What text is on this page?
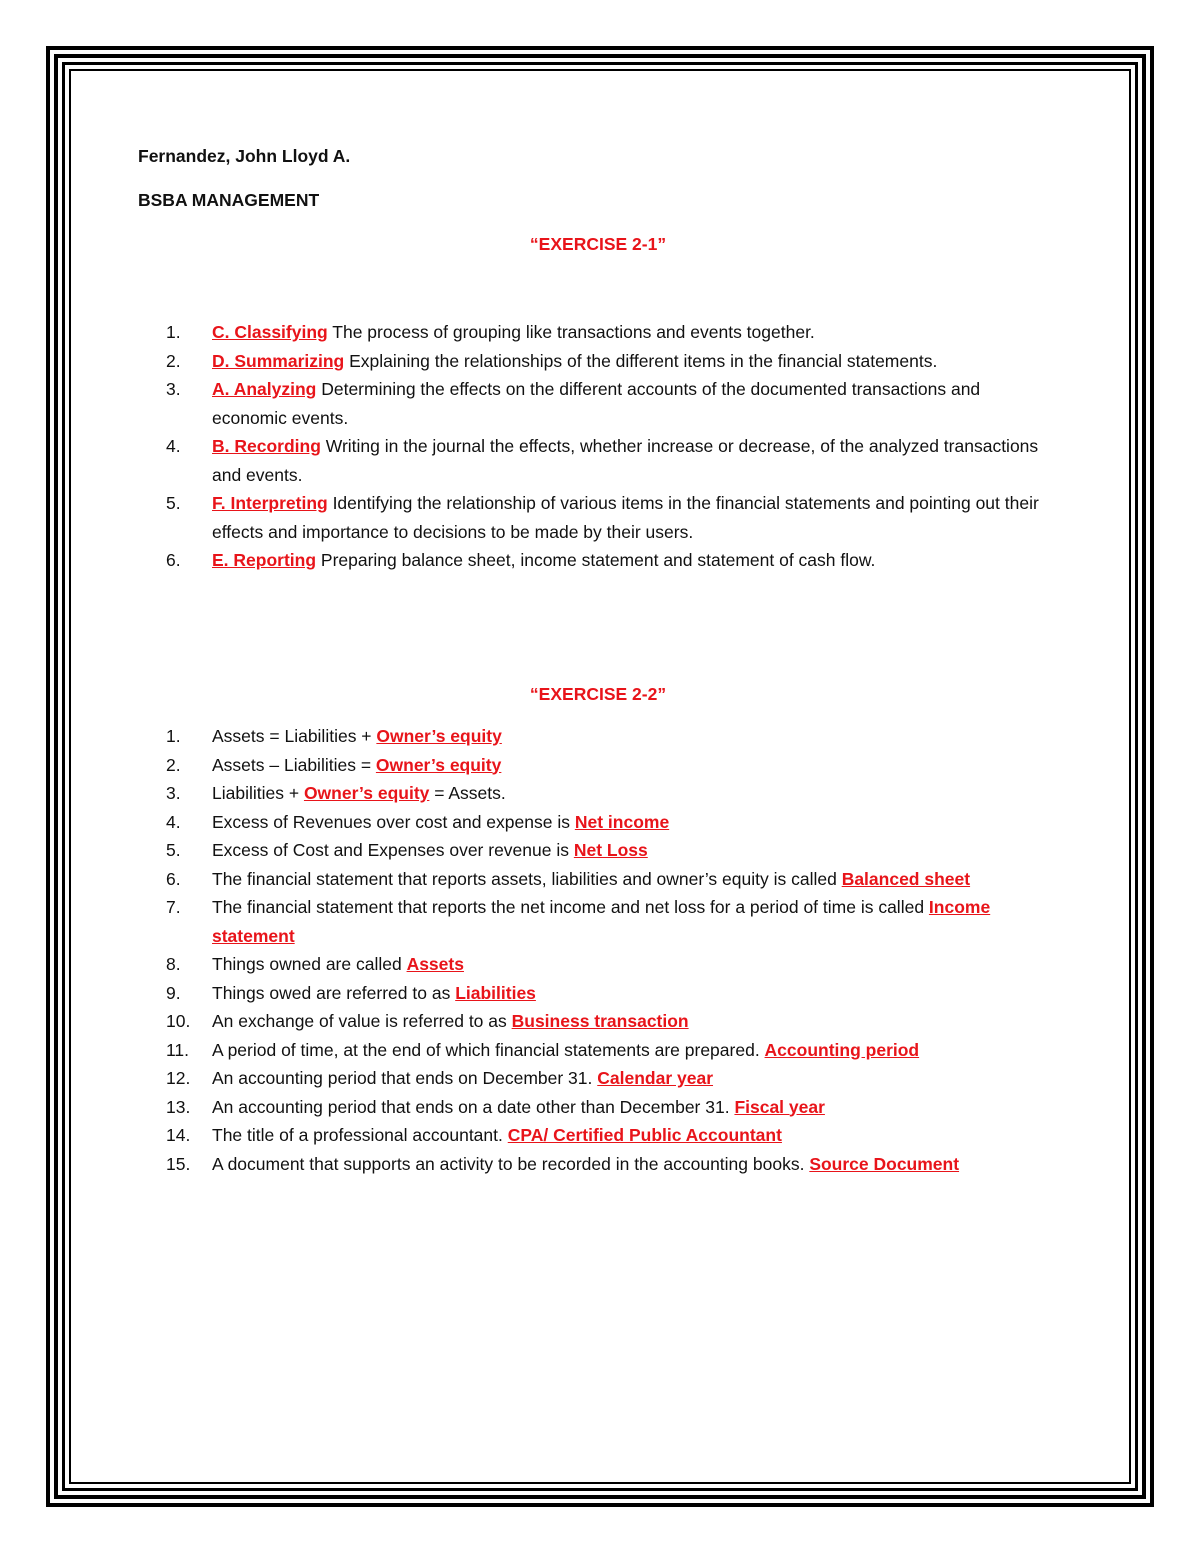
Fernandez, John Lloyd A.
BSBA MANAGEMENT
“EXERCISE 2-1”
1.	C. Classifying The process of grouping like transactions and events together.
2.	D. Summarizing Explaining the relationships of the different items in the financial statements.
3.	A. Analyzing Determining the effects on the different accounts of the documented transactions and economic events.
4.	B. Recording Writing in the journal the effects, whether increase or decrease, of the analyzed transactions and events.
5.	F. Interpreting Identifying the relationship of various items in the financial statements and pointing out their effects and importance to decisions to be made by their users.
6.	E. Reporting Preparing balance sheet, income statement and statement of cash flow.
“EXERCISE 2-2”
1.	Assets = Liabilities + Owner’s equity
2.	Assets – Liabilities = Owner’s equity
3.	Liabilities + Owner’s equity = Assets.
4.	Excess of Revenues over cost and expense is Net income
5.	Excess of Cost and Expenses over revenue is Net Loss
6.	The financial statement that reports assets, liabilities and owner’s equity is called Balanced sheet
7.	The financial statement that reports the net income and net loss for a period of time is called Income statement
8.	Things owned are called Assets
9.	Things owed are referred to as Liabilities
10.	An exchange of value is referred to as Business transaction
11.	A period of time, at the end of which financial statements are prepared. Accounting period
12.	An accounting period that ends on December 31. Calendar year
13.	An accounting period that ends on a date other than December 31. Fiscal year
14.	The title of a professional accountant. CPA/ Certified Public Accountant
15.	A document that supports an activity to be recorded in the accounting books. Source Document
